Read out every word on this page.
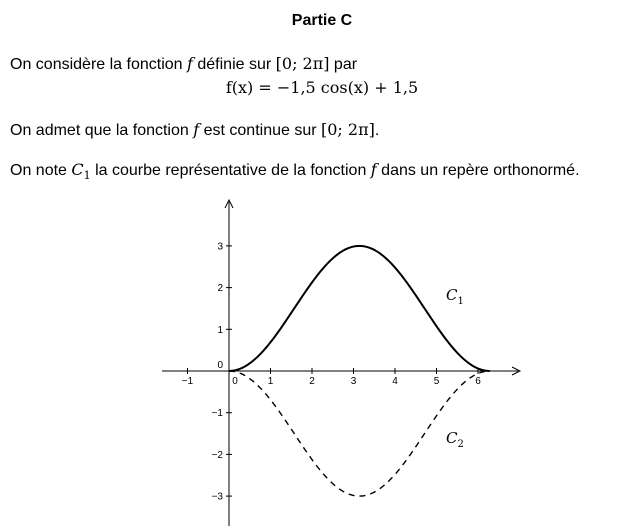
Partie C
On considère la fonction f définie sur [0; 2π] par
f(x) = −1,5 cos(x) + 1,5
On admet que la fonction f est continue sur [0; 2π].
On note $C_1$ la courbe représentative de la fonction f dans un repère orthonormé.
−1	0	1	2	3	4	5	6
3
2
1
0
−1
−2
−3
$C_1$
$C_2$
